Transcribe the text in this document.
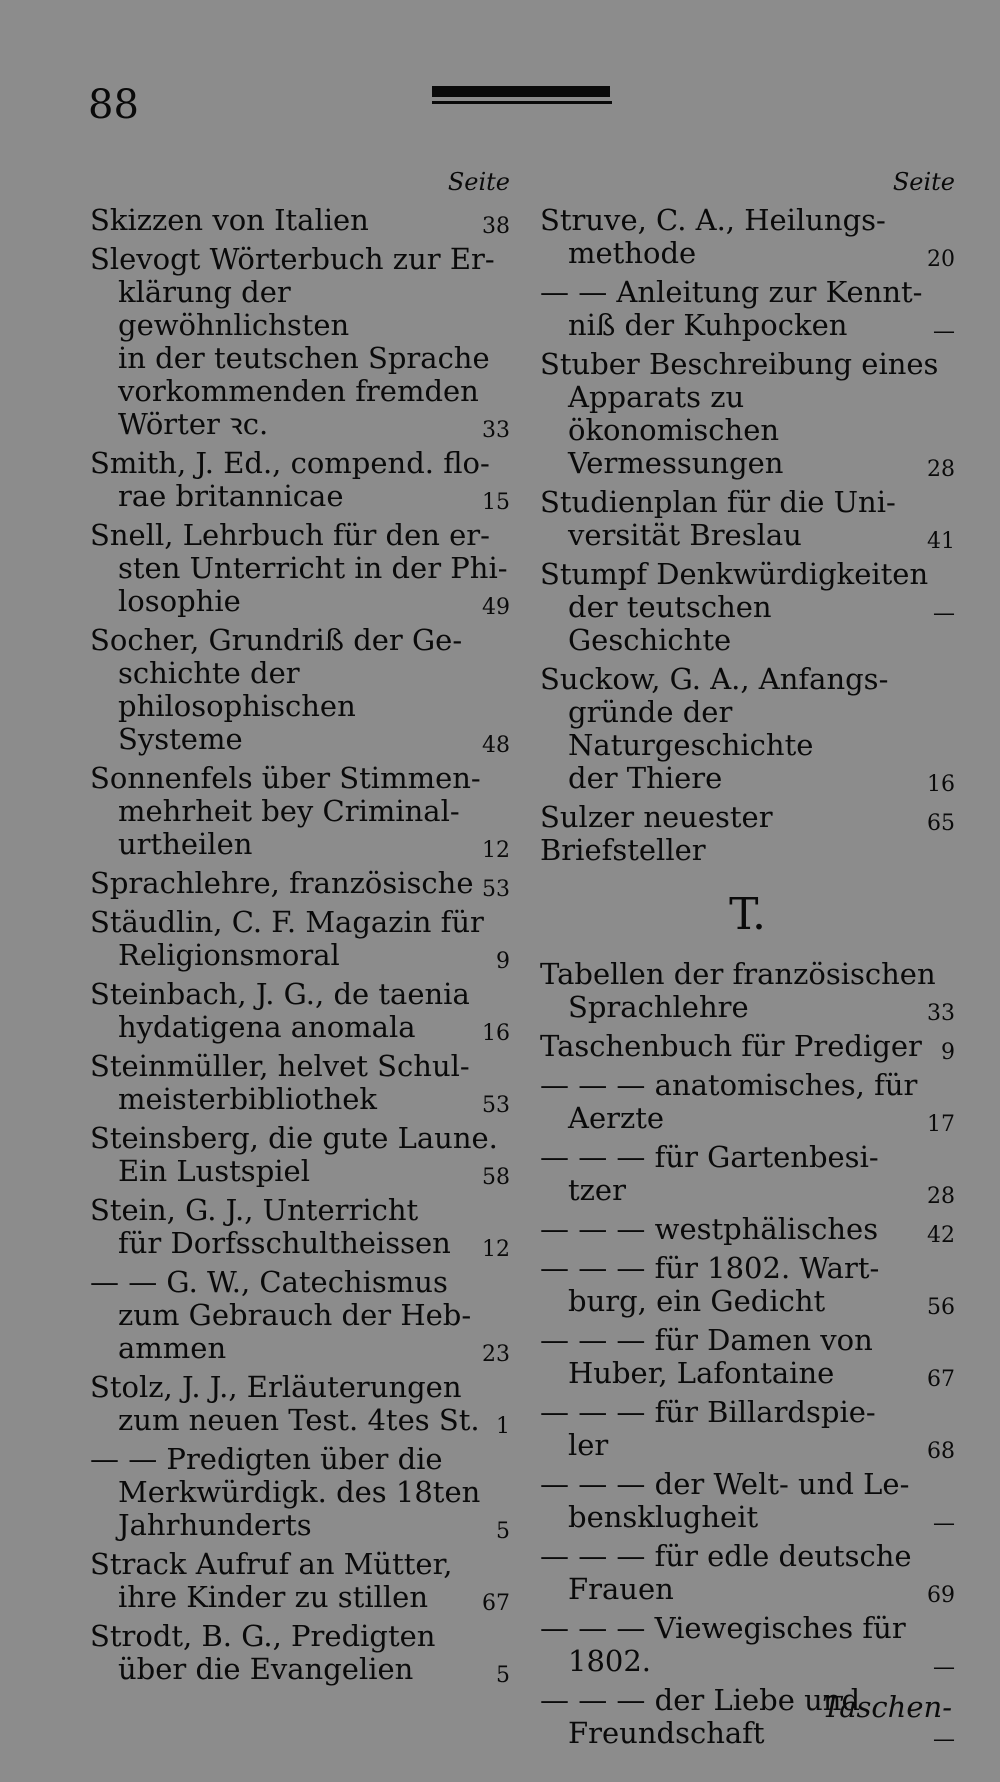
88
Seite
38
Skizzen von Italien
Slevogt Wörterbuch zur Er-
klärung der gewöhnlichsten
in der teutschen Sprache
vorkommenden fremden
33
Wörter ꝛc.
Smith, J. Ed., compend. flo-
15
rae britannicae
Snell, Lehrbuch für den er-
sten Unterricht in der Phi-
49
losophie
Socher, Grundriß der Ge-
schichte der philosophischen
48
Systeme
Sonnenfels über Stimmen-
mehrheit bey Criminal-
12
urtheilen
53
Sprachlehre, französische
Stäudlin, C. F. Magazin für
9
Religionsmoral
Steinbach, J. G., de taenia
16
hydatigena anomala
Steinmüller, helvet Schul-
53
meisterbibliothek
Steinsberg, die gute Laune.
58
Ein Lustspiel
Stein, G. J., Unterricht
12
für Dorfsschultheissen
— — G. W., Catechismus
zum Gebrauch der Heb-
23
ammen
Stolz, J. J., Erläuterungen
1
zum neuen Test. 4tes St.
— — Predigten über die
Merkwürdigk. des 18ten
5
Jahrhunderts
Strack Aufruf an Mütter,
67
ihre Kinder zu stillen
Strodt, B. G., Predigten
5
über die Evangelien
Seite
Struve, C. A., Heilungs-
20
methode
— — Anleitung zur Kennt-
—
niß der Kuhpocken
Stuber Beschreibung eines
Apparats zu ökonomischen
28
Vermessungen
Studienplan für die Uni-
41
versität Breslau
Stumpf Denkwürdigkeiten
—
der teutschen Geschichte
Suckow, G. A., Anfangs-
gründe der Naturgeschichte
16
der Thiere
65
Sulzer neuester Briefsteller
T.
Tabellen der französischen
33
Sprachlehre
9
Taschenbuch für Prediger
— — — anatomisches, für
17
Aerzte
— — — für Gartenbesi-
28
tzer
42
— — — westphälisches
— — — für 1802. Wart-
56
burg, ein Gedicht
— — — für Damen von
67
Huber, Lafontaine
— — — für Billardspie-
68
ler
— — — der Welt- und Le-
—
bensklugheit
— — — für edle deutsche
69
Frauen
— — — Viewegisches für
—
1802.
— — — der Liebe und
—
Freundschaft
Taschen-
